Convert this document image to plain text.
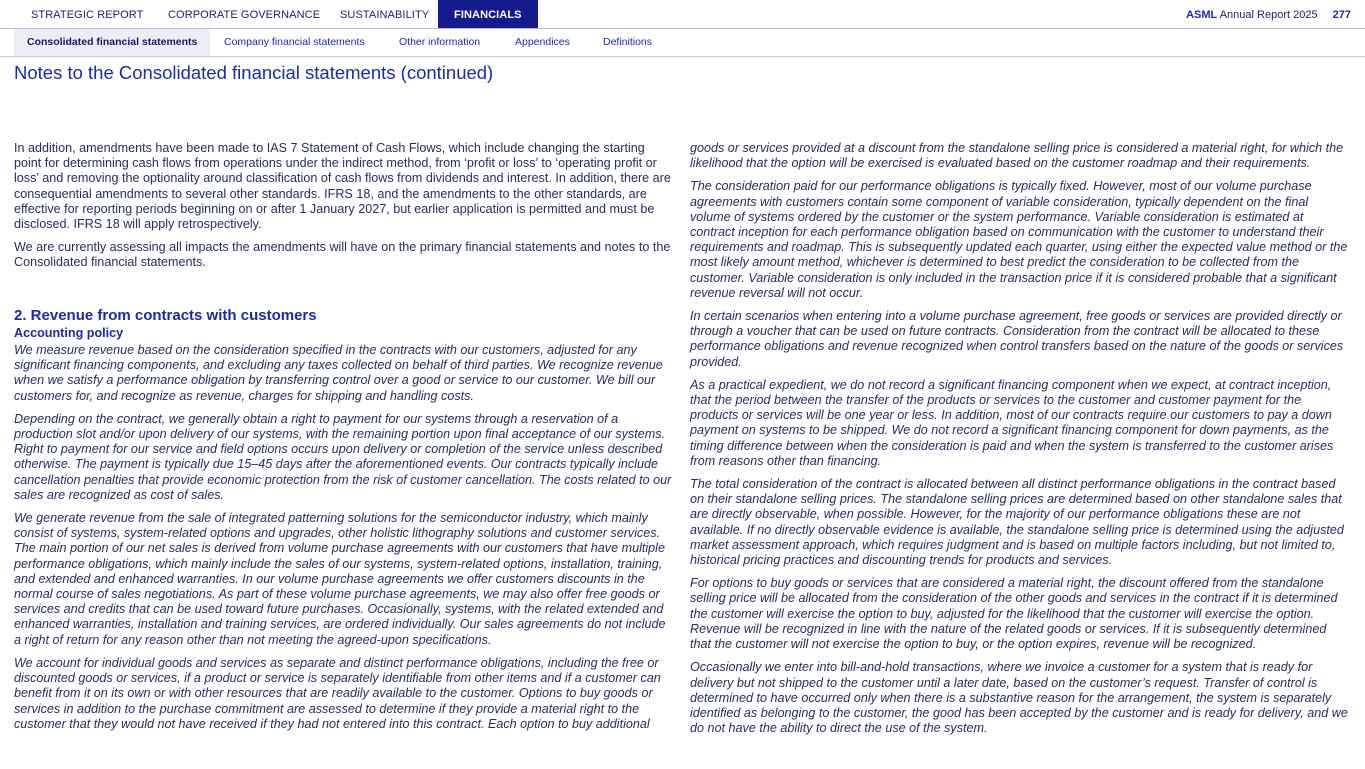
STRATEGIC REPORT CORPORATE GOVERNANCE SUSTAINABILITY	FINANCIALS	ASML Annual Report 2025 277
Consolidated financial statements	Company financial statements	Other information	Appendices	Definitions
Notes to the Consolidated financial statements (continued)

In addition, amendments have been made to IAS 7 Statement of Cash Flows, which include changing the starting point for determining cash flows from operations under the indirect method, from ‘profit or loss’ to ‘operating profit or loss’ and removing the optionality around classification of cash flows from dividends and interest. In addition, there are consequential amendments to several other standards. IFRS 18, and the amendments to the other standards, are effective for reporting periods beginning on or after 1 January 2027, but earlier application is permitted and must be disclosed. IFRS 18 will apply retrospectively.

We are currently assessing all impacts the amendments will have on the primary financial statements and notes to the Consolidated financial statements.

2. Revenue from contracts with customers
Accounting policy

We measure revenue based on the consideration specified in the contracts with our customers, adjusted for any significant financing components, and excluding any taxes collected on behalf of third parties. We recognize revenue when we satisfy a performance obligation by transferring control over a good or service to our customer. We bill our customers for, and recognize as revenue, charges for shipping and handling costs.

Depending on the contract, we generally obtain a right to payment for our systems through a reservation of a production slot and/or upon delivery of our systems, with the remaining portion upon final acceptance of our systems. Right to payment for our service and field options occurs upon delivery or completion of the service unless described otherwise. The payment is typically due 15–45 days after the aforementioned events. Our contracts typically include cancellation penalties that provide economic protection from the risk of customer cancellation. The costs related to our sales are recognized as cost of sales.

We generate revenue from the sale of integrated patterning solutions for the semiconductor industry, which mainly consist of systems, system-related options and upgrades, other holistic lithography solutions and customer services. The main portion of our net sales is derived from volume purchase agreements with our customers that have multiple performance obligations, which mainly include the sales of our systems, system-related options, installation, training, and extended and enhanced warranties. In our volume purchase agreements we offer customers discounts in the normal course of sales negotiations. As part of these volume purchase agreements, we may also offer free goods or services and credits that can be used toward future purchases. Occasionally, systems, with the related extended and enhanced warranties, installation and training services, are ordered individually. Our sales agreements do not include a right of return for any reason other than not meeting the agreed-upon specifications.

We account for individual goods and services as separate and distinct performance obligations, including the free or discounted goods or services, if a product or service is separately identifiable from other items and if a customer can benefit from it on its own or with other resources that are readily available to the customer. Options to buy goods or services in addition to the purchase commitment are assessed to determine if they provide a material right to the customer that they would not have received if they had not entered into this contract. Each option to buy additional

goods or services provided at a discount from the standalone selling price is considered a material right, for which the likelihood that the option will be exercised is evaluated based on the customer roadmap and their requirements.

The consideration paid for our performance obligations is typically fixed. However, most of our volume purchase agreements with customers contain some component of variable consideration, typically dependent on the final volume of systems ordered by the customer or the system performance. Variable consideration is estimated at contract inception for each performance obligation based on communication with the customer to understand their requirements and roadmap. This is subsequently updated each quarter, using either the expected value method or the most likely amount method, whichever is determined to best predict the consideration to be collected from the customer. Variable consideration is only included in the transaction price if it is considered probable that a significant revenue reversal will not occur.

In certain scenarios when entering into a volume purchase agreement, free goods or services are provided directly or through a voucher that can be used on future contracts. Consideration from the contract will be allocated to these performance obligations and revenue recognized when control transfers based on the nature of the goods or services provided.

As a practical expedient, we do not record a significant financing component when we expect, at contract inception, that the period between the transfer of the products or services to the customer and customer payment for the products or services will be one year or less. In addition, most of our contracts require our customers to pay a down payment on systems to be shipped. We do not record a significant financing component for down payments, as the timing difference between when the consideration is paid and when the system is transferred to the customer arises from reasons other than financing.

The total consideration of the contract is allocated between all distinct performance obligations in the contract based on their standalone selling prices. The standalone selling prices are determined based on other standalone sales that are directly observable, when possible. However, for the majority of our performance obligations these are not available. If no directly observable evidence is available, the standalone selling price is determined using the adjusted market assessment approach, which requires judgment and is based on multiple factors including, but not limited to, historical pricing practices and discounting trends for products and services.

For options to buy goods or services that are considered a material right, the discount offered from the standalone selling price will be allocated from the consideration of the other goods and services in the contract if it is determined the customer will exercise the option to buy, adjusted for the likelihood that the customer will exercise the option. Revenue will be recognized in line with the nature of the related goods or services. If it is subsequently determined that the customer will not exercise the option to buy, or the option expires, revenue will be recognized.

Occasionally we enter into bill-and-hold transactions, where we invoice a customer for a system that is ready for delivery but not shipped to the customer until a later date, based on the customer’s request. Transfer of control is determined to have occurred only when there is a substantive reason for the arrangement, the system is separately identified as belonging to the customer, the good has been accepted by the customer and is ready for delivery, and we do not have the ability to direct the use of the system.
